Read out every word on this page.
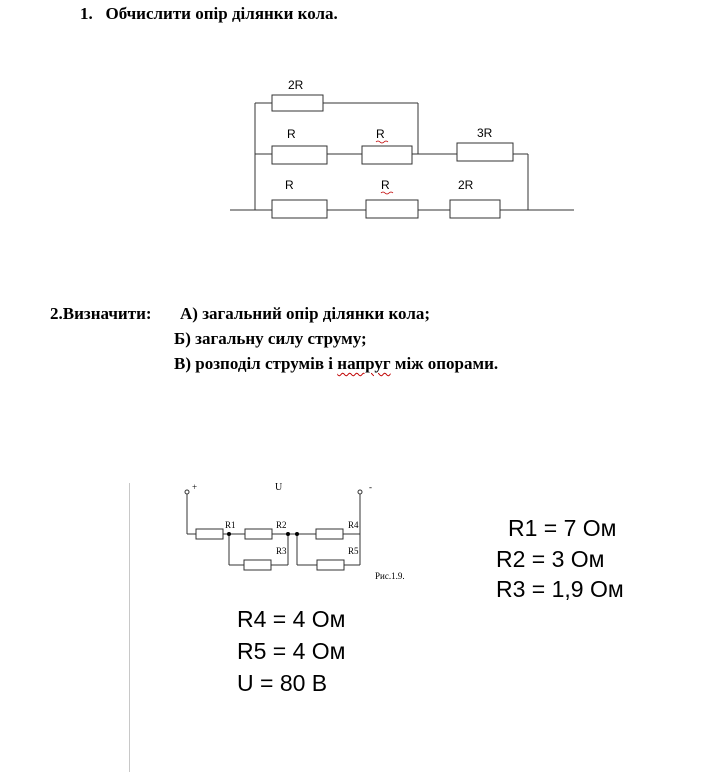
1. Обчислити опір ділянки кола.
2R
R	R	3R
R	R	2R
2.Визначити: А) загальний опір ділянки кола;
Б) загальну силу струму;
В) розподіл струмів і напруг між опорами.
+	-
U
R1	R2
R3
R4
R5
Рис.1.9.
R1 = 7 Ом
R2 = 3 Ом
R3 = 1,9 Ом
R4 = 4 Ом
R5 = 4 Ом
U = 80 В
